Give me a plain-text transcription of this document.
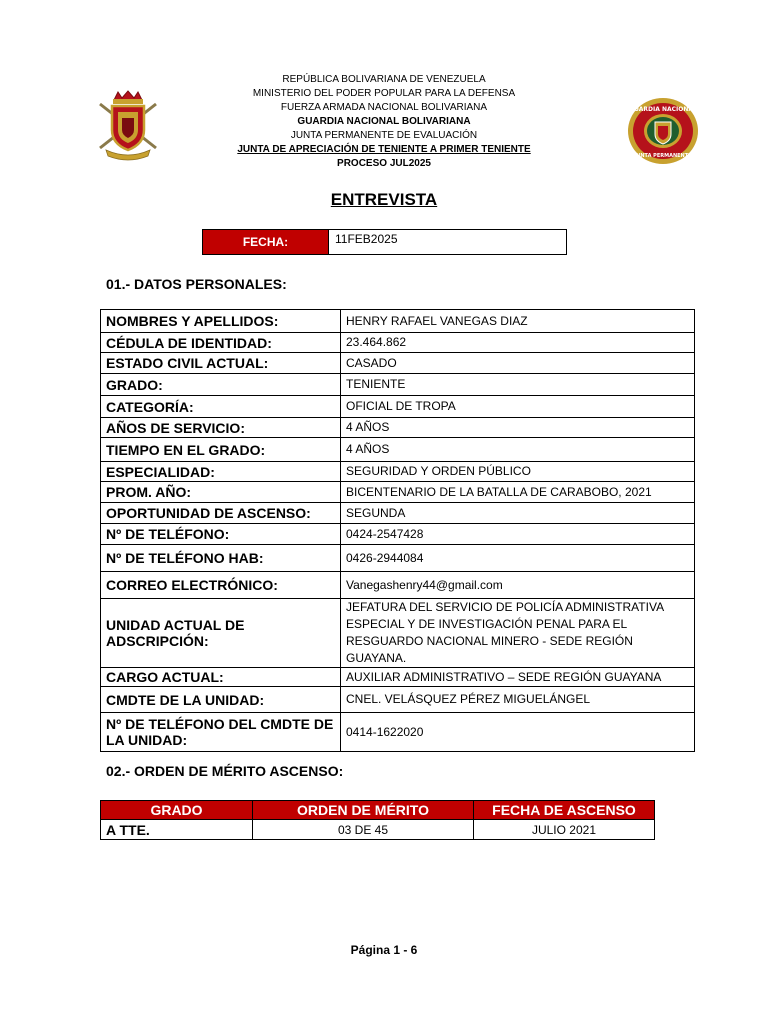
REPÚBLICA BOLIVARIANA DE VENEZUELA
MINISTERIO DEL PODER POPULAR PARA LA DEFENSA
FUERZA ARMADA NACIONAL BOLIVARIANA
GUARDIA NACIONAL BOLIVARIANA
JUNTA PERMANENTE DE EVALUACIÓN
JUNTA DE APRECIACIÓN DE TENIENTE A PRIMER TENIENTE
PROCESO JUL2025
GUARDIA NACIONAL
JUNTA PERMANENTE
ENTREVISTA
FECHA:	11FEB2025
01.- DATOS PERSONALES:
NOMBRES Y APELLIDOS:	HENRY RAFAEL VANEGAS DIAZ
CÉDULA DE IDENTIDAD:	23.464.862
ESTADO CIVIL ACTUAL:	CASADO
GRADO:	TENIENTE
CATEGORÍA:	OFICIAL DE TROPA
AÑOS DE SERVICIO:	4 AÑOS
TIEMPO EN EL GRADO:	4 AÑOS
ESPECIALIDAD:	SEGURIDAD Y ORDEN PÚBLICO
PROM. AÑO:	BICENTENARIO DE LA BATALLA DE CARABOBO, 2021
OPORTUNIDAD DE ASCENSO:	SEGUNDA
Nº DE TELÉFONO:	0424-2547428
Nº DE TELÉFONO HAB:	0426-2944084
CORREO ELECTRÓNICO:	Vanegashenry44@gmail.com
UNIDAD ACTUAL DE ADSCRIPCIÓN:	JEFATURA DEL SERVICIO DE POLICÍA ADMINISTRATIVA ESPECIAL Y DE INVESTIGACIÓN PENAL PARA EL RESGUARDO NACIONAL MINERO - SEDE REGIÓN GUAYANA.
CARGO ACTUAL:	AUXILIAR ADMINISTRATIVO – SEDE REGIÓN GUAYANA
CMDTE DE LA UNIDAD:	CNEL. VELÁSQUEZ PÉREZ MIGUELÁNGEL
Nº DE TELÉFONO DEL CMDTE DE LA UNIDAD:	0414-1622020
02.- ORDEN DE MÉRITO ASCENSO:
GRADO	ORDEN DE MÉRITO	FECHA DE ASCENSO
A TTE.	03 DE 45	JULIO 2021
Página 1 - 6
